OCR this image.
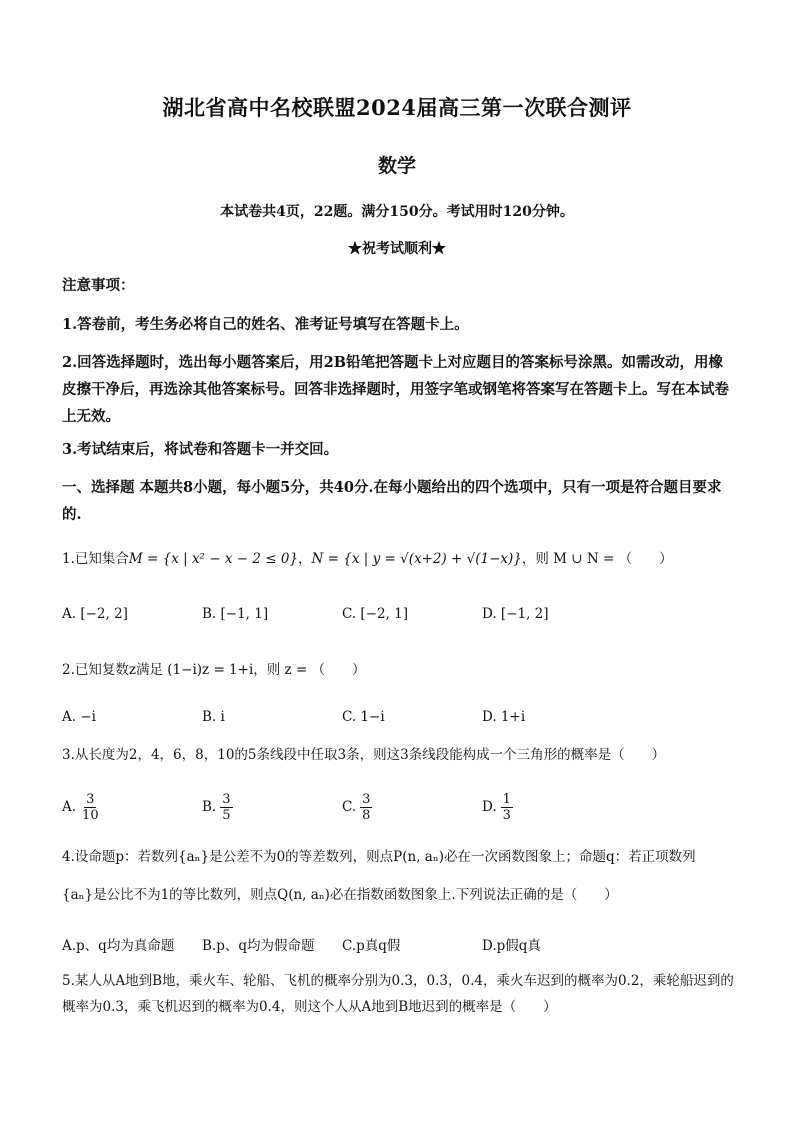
湖北省高中名校联盟2024届高三第一次联合测评
数学
本试卷共4页，22题。满分150分。考试用时120分钟。
★祝考试顺利★
注意事项：
1.答卷前，考生务必将自己的姓名、准考证号填写在答题卡上。
2.回答选择题时，选出每小题答案后，用2B铅笔把答题卡上对应题目的答案标号涂黑。如需改动，用橡皮擦干净后，再选涂其他答案标号。回答非选择题时，用签字笔或钢笔将答案写在答题卡上。写在本试卷上无效。
3.考试结束后，将试卷和答题卡一并交回。
一、选择题 本题共8小题，每小题5分，共40分.在每小题给出的四个选项中，只有一项是符合题目要求的.
1.已知集合M = {x | x² − x − 2 ≤ 0}，N = {x | y = √(x+2) + √(1−x)}，则 M ∪ N = （　　）
A. [−2, 2]	B. [−1, 1]	C. [−2, 1]	D. [−1, 2]
2.已知复数z满足 (1−i)z = 1+i，则 z = （　　）
A. −i	B. i	C. 1−i	D. 1+i
3.从长度为2，4，6，8，10的5条线段中任取3条，则这3条线段能构成一个三角形的概率是（　　）
A. $\frac{3}{10}$	B. $\frac{3}{5}$	C. $\frac{3}{8}$	D. $\frac{1}{3}$
4.设命题p：若数列{aₙ}是公差不为0的等差数列，则点P(n, aₙ)必在一次函数图象上；命题q：若正项数列
{aₙ}是公比不为1的等比数列，则点Q(n, aₙ)必在指数函数图象上.下列说法正确的是（　　）
A.p、q均为真命题 B.p、q均为假命题 C.p真q假	D.p假q真
5.某人从A地到B地，乘火车、轮船、飞机的概率分别为0.3，0.3，0.4，乘火车迟到的概率为0.2，乘轮船迟到的概率为0.3，乘飞机迟到的概率为0.4，则这个人从A地到B地迟到的概率是（　　）
